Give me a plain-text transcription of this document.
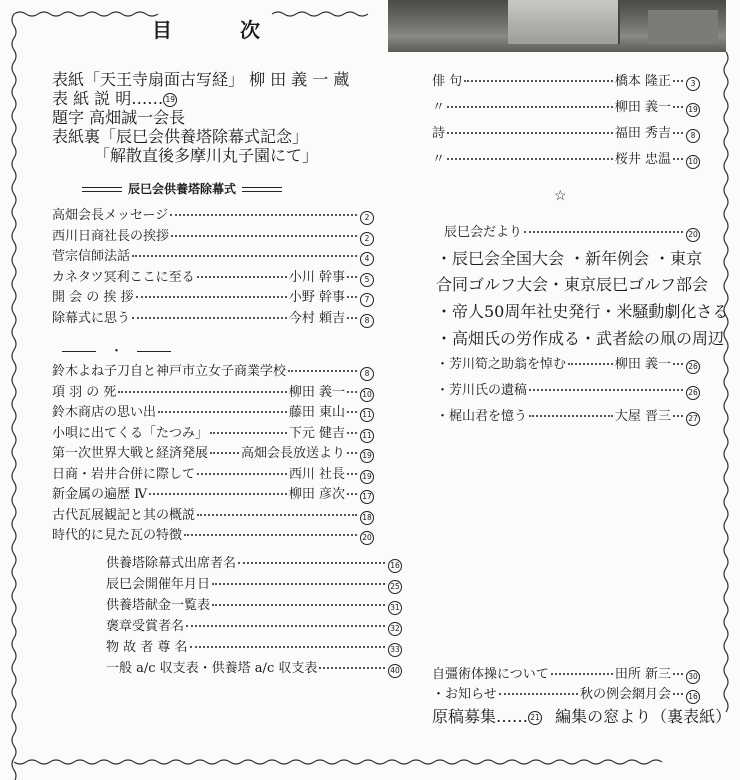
目	次
表紙「天王寺扇面古写経」 柳 田 義 一 蔵
表 紙 説 明…… 19
題字 高畑誠一会長
表紙裏「辰巳会供養塔除幕式記念」
「解散直後多摩川丸子園にて」
辰巳会供養塔除幕式
高畑会長メッセージ	2
西川日商社長の挨拶	2
菅宗信師法話	4
カネタツ冥利ここに至る	小川 幹事	5
開 会 の 挨 拶	小野 幹事	7
除幕式に思う	今村 頼吉	8
・
鈴木よね子刀自と神戸市立女子商業学校	8
項 羽 の 死	柳田 義一 10
鈴木商店の思い出	藤田 東山 11
小唄に出てくる「たつみ」	下元 健吉 11
第一次世界大戦と経済発展	高畑会長放送より 19
日商・岩井合併に際して	西川 社長 19
新金属の遍歴 Ⅳ	柳田 彦次 17
古代瓦展観記と其の概説	18
時代的に見た瓦の特徴	20
供養塔除幕式出席者名	16
辰巳会開催年月日	25
供養塔献金一覧表	31
褒章受賞者名	32
物 故 者 尊 名	33
一般 a/c 収支表・供養塔 a/c 収支表	40
俳 句	橋本 隆正	3
〃	柳田 義一 19
詩	福田 秀吉	8
〃	桜井 忠温 10
☆
辰巳会だより	20
・辰巳会全国大会 ・新年例会 ・東京
合同ゴルフ大会・東京辰巳ゴルフ部会
・帝人50周年社史発行・米騒動劇化さる
・高畑氏の労作成る・武者絵の凧の周辺
・芳川筍之助翁を悼む	柳田 義一 26
・芳川氏の遺稿	26
・梶山君を憶う	大屋 晋三 27
自彊術体操について	田所 新三 30
・お知らせ	秋の例会網月会 16
原稿募集…… 21 編集の窓より（裏表紙）
